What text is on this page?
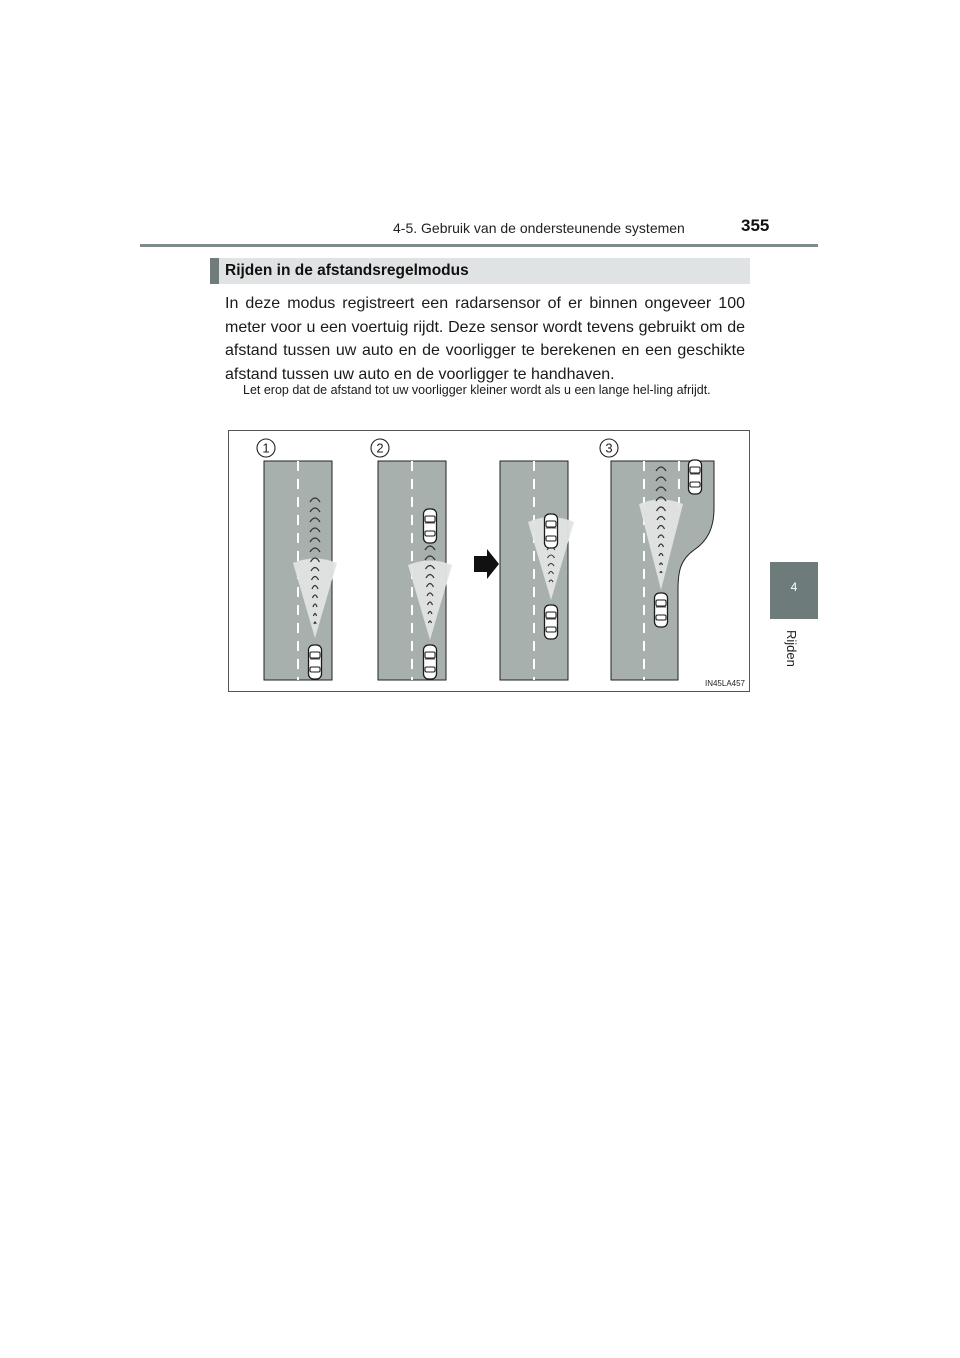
4-5. Gebruik van de ondersteunende systemen	355
4
Rijden
Rijden in de afstandsregelmodus
In deze modus registreert een radarsensor of er binnen ongeveer 100 meter voor u een voertuig rijdt. Deze sensor wordt tevens gebruikt om de afstand tussen uw auto en de voorligger te berekenen en een geschikte afstand tussen uw auto en de voorligger te handhaven.
Let erop dat de afstand tot uw voorligger kleiner wordt als u een lange hel-ling afrijdt.
1	2	3
IN45LA457
